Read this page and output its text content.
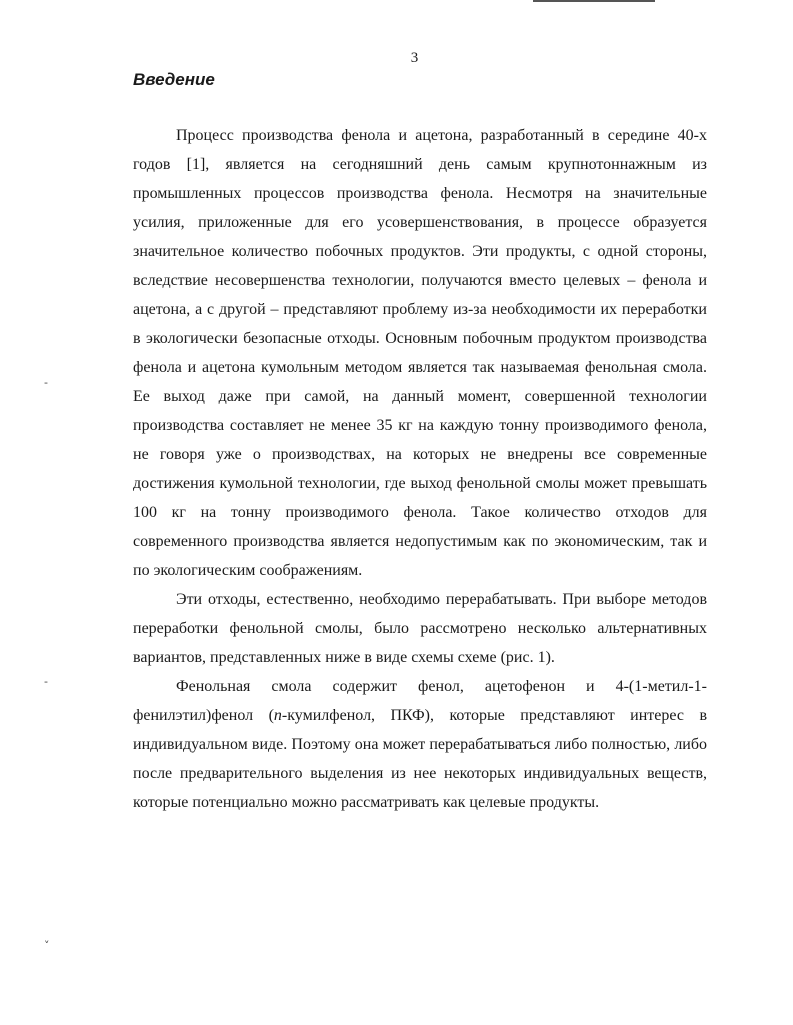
3

Введение

Процесс производства фенола и ацетона, разработанный в середине 40-х годов [1], является на сегодняшний день самым крупнотоннажным из промышленных процессов производства фенола. Несмотря на значительные усилия, приложенные для его усовершенствования, в процессе образуется значительное количество побочных продуктов. Эти продукты, с одной стороны, вследствие несовершенства технологии, получаются вместо целевых – фенола и ацетона, а с другой – представляют проблему из-за необходимости их переработки в экологически безопасные отходы. Основным побочным продуктом производства фенола и ацетона кумольным методом является так называемая фенольная смола. Ее выход даже при самой, на данный момент, совершенной технологии производства составляет не менее 35 кг на каждую тонну производимого фенола, не говоря уже о производствах, на которых не внедрены все современные достижения кумольной технологии, где выход фенольной смолы может превышать 100 кг на тонну производимого фенола. Такое количество отходов для современного производства является недопустимым как по экономическим, так и по экологическим соображениям.

Эти отходы, естественно, необходимо перерабатывать. При выборе методов переработки фенольной смолы, было рассмотрено несколько альтернативных вариантов, представленных ниже в виде схемы схеме (рис. 1).

Фенольная смола содержит фенол, ацетофенон и 4-(1-метил-1-фенилэтил)фенол (п-кумилфенол, ПКФ), которые представляют интерес в индивидуальном виде. Поэтому она может перерабатываться либо полностью, либо после предварительного выделения из нее некоторых индивидуальных веществ, которые потенциально можно рассматривать как целевые продукты.

-
-
˅
